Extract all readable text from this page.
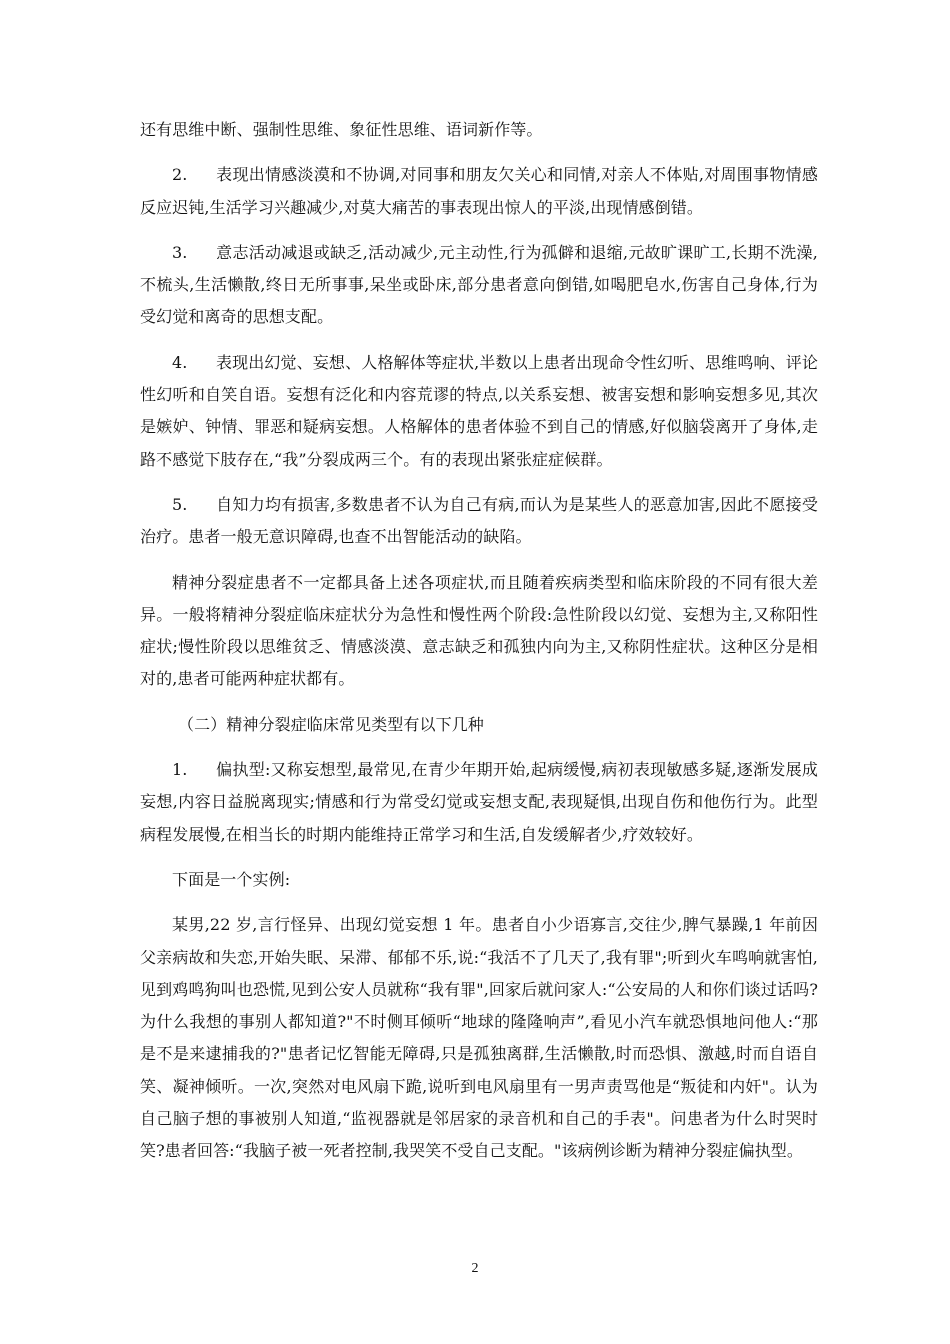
还有思维中断、强制性思维、象征性思维、语词新作等。

2. 表现出情感淡漠和不协调,对同事和朋友欠关心和同情,对亲人不体贴,对周围事物情感反应迟钝,生活学习兴趣减少,对莫大痛苦的事表现出惊人的平淡,出现情感倒错。

3. 意志活动减退或缺乏,活动减少,元主动性,行为孤僻和退缩,元故旷课旷工,长期不洗澡,不梳头,生活懒散,终日无所事事,呆坐或卧床,部分患者意向倒错,如喝肥皂水,伤害自己身体,行为受幻觉和离奇的思想支配。

4. 表现出幻觉、妄想、人格解体等症状,半数以上患者出现命令性幻听、思维鸣响、评论性幻听和自笑自语。妄想有泛化和内容荒谬的特点,以关系妄想、被害妄想和影响妄想多见,其次是嫉妒、钟情、罪恶和疑病妄想。人格解体的患者体验不到自己的情感,好似脑袋离开了身体,走路不感觉下肢存在,“我”分裂成两三个。有的表现出紧张症症候群。

5. 自知力均有损害,多数患者不认为自己有病,而认为是某些人的恶意加害,因此不愿接受治疗。患者一般无意识障碍,也查不出智能活动的缺陷。

精神分裂症患者不一定都具备上述各项症状,而且随着疾病类型和临床阶段的不同有很大差异。一般将精神分裂症临床症状分为急性和慢性两个阶段:急性阶段以幻觉、妄想为主,又称阳性症状;慢性阶段以思维贫乏、情感淡漠、意志缺乏和孤独内向为主,又称阴性症状。这种区分是相对的,患者可能两种症状都有。

（二）精神分裂症临床常见类型有以下几种

1. 偏执型:又称妄想型,最常见,在青少年期开始,起病缓慢,病初表现敏感多疑,逐渐发展成妄想,内容日益脱离现实;情感和行为常受幻觉或妄想支配,表现疑惧,出现自伤和他伤行为。此型病程发展慢,在相当长的时期内能维持正常学习和生活,自发缓解者少,疗效较好。

下面是一个实例:

某男,22 岁,言行怪异、出现幻觉妄想 1 年。患者自小少语寡言,交往少,脾气暴躁,1 年前因父亲病故和失恋,开始失眠、呆滞、郁郁不乐,说:“我活不了几天了,我有罪";听到火车鸣响就害怕,见到鸡鸣狗叫也恐慌,见到公安人员就称“我有罪",回家后就问家人:“公安局的人和你们谈过话吗?为什么我想的事别人都知道?"不时侧耳倾听“地球的隆隆响声”,看见小汽车就恐惧地问他人:“那是不是来逮捕我的?"患者记忆智能无障碍,只是孤独离群,生活懒散,时而恐惧、激越,时而自语自笑、凝神倾听。一次,突然对电风扇下跪,说听到电风扇里有一男声责骂他是“叛徒和内奸"。认为自己脑子想的事被别人知道,“监视器就是邻居家的录音机和自己的手表"。问患者为什么时哭时笑?患者回答:“我脑子被一死者控制,我哭笑不受自己支配。"该病例诊断为精神分裂症偏执型。

2
